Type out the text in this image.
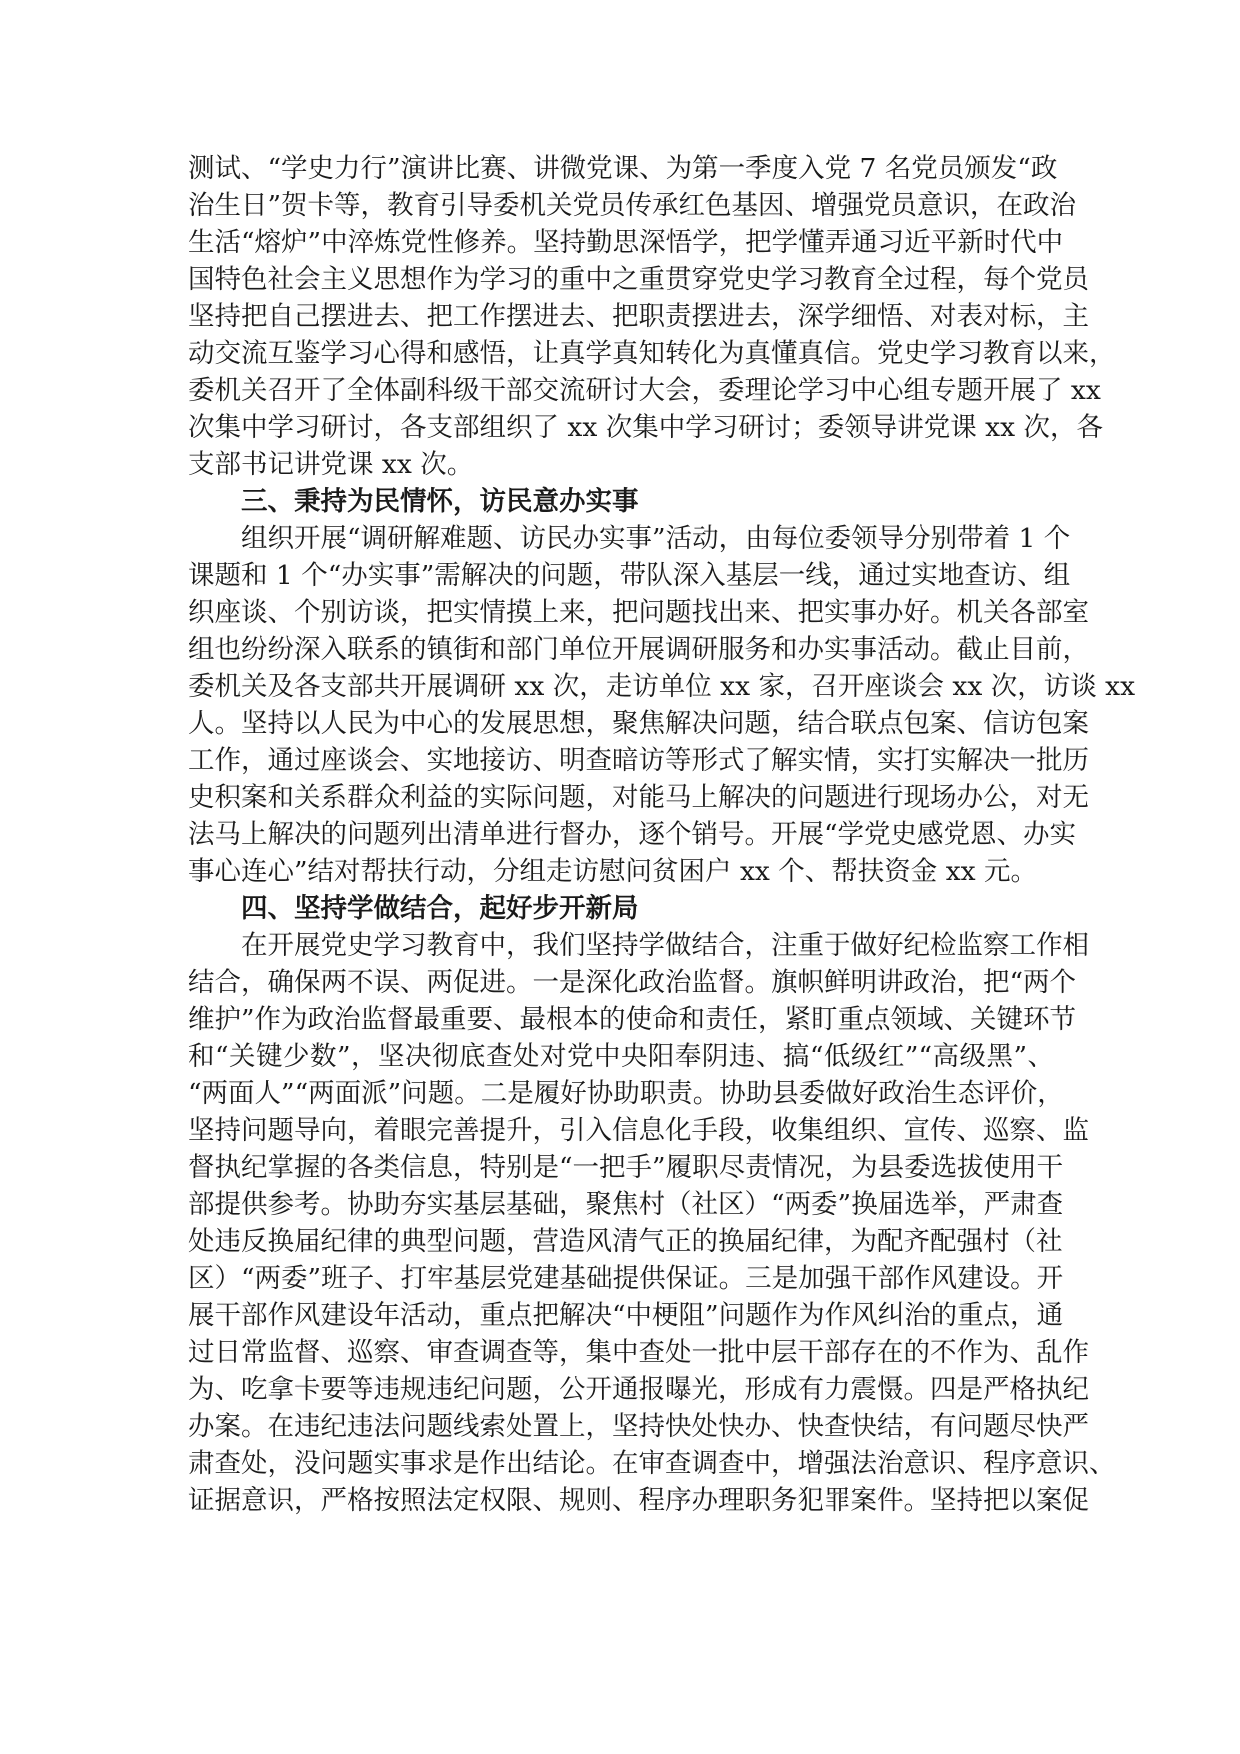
测试、“学史力行”演讲比赛、讲微党课、为第一季度入党 7 名党员颁发“政
治生日”贺卡等，教育引导委机关党员传承红色基因、增强党员意识，在政治
生活“熔炉”中淬炼党性修养。坚持勤思深悟学，把学懂弄通习近平新时代中
国特色社会主义思想作为学习的重中之重贯穿党史学习教育全过程，每个党员
坚持把自己摆进去、把工作摆进去、把职责摆进去，深学细悟、对表对标，主
动交流互鉴学习心得和感悟，让真学真知转化为真懂真信。党史学习教育以来，
委机关召开了全体副科级干部交流研讨大会，委理论学习中心组专题开展了 xx
次集中学习研讨，各支部组织了 xx 次集中学习研讨；委领导讲党课 xx 次，各
支部书记讲党课 xx 次。
三、秉持为民情怀，访民意办实事
组织开展“调研解难题、访民办实事”活动，由每位委领导分别带着 1 个
课题和 1 个“办实事”需解决的问题，带队深入基层一线，通过实地查访、组
织座谈、个别访谈，把实情摸上来，把问题找出来、把实事办好。机关各部室
组也纷纷深入联系的镇街和部门单位开展调研服务和办实事活动。截止目前，
委机关及各支部共开展调研 xx 次，走访单位 xx 家，召开座谈会 xx 次，访谈 xx
人。坚持以人民为中心的发展思想，聚焦解决问题，结合联点包案、信访包案
工作，通过座谈会、实地接访、明查暗访等形式了解实情，实打实解决一批历
史积案和关系群众利益的实际问题，对能马上解决的问题进行现场办公，对无
法马上解决的问题列出清单进行督办，逐个销号。开展“学党史感党恩、办实
事心连心”结对帮扶行动，分组走访慰问贫困户 xx 个、帮扶资金 xx 元。
四、坚持学做结合，起好步开新局
在开展党史学习教育中，我们坚持学做结合，注重于做好纪检监察工作相
结合，确保两不误、两促进。一是深化政治监督。旗帜鲜明讲政治，把“两个
维护”作为政治监督最重要、最根本的使命和责任，紧盯重点领域、关键环节
和“关键少数”，坚决彻底查处对党中央阳奉阴违、搞“低级红”“高级黑”、
“两面人”“两面派”问题。二是履好协助职责。协助县委做好政治生态评价，
坚持问题导向，着眼完善提升，引入信息化手段，收集组织、宣传、巡察、监
督执纪掌握的各类信息，特别是“一把手”履职尽责情况，为县委选拔使用干
部提供参考。协助夯实基层基础，聚焦村（社区）“两委”换届选举，严肃查
处违反换届纪律的典型问题，营造风清气正的换届纪律，为配齐配强村（社
区）“两委”班子、打牢基层党建基础提供保证。三是加强干部作风建设。开
展干部作风建设年活动，重点把解决“中梗阻”问题作为作风纠治的重点，通
过日常监督、巡察、审查调查等，集中查处一批中层干部存在的不作为、乱作
为、吃拿卡要等违规违纪问题，公开通报曝光，形成有力震慑。四是严格执纪
办案。在违纪违法问题线索处置上，坚持快处快办、快查快结，有问题尽快严
肃查处，没问题实事求是作出结论。在审查调查中，增强法治意识、程序意识、
证据意识，严格按照法定权限、规则、程序办理职务犯罪案件。坚持把以案促
